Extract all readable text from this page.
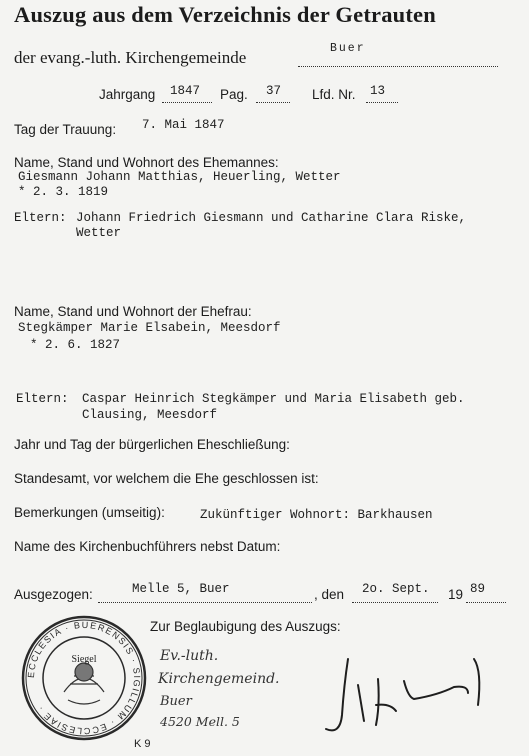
Auszug aus dem Verzeichnis der Getrauten
der evang.-luth. Kirchengemeinde	Buer
Jahrgang 1847 Pag. 37 Lfd. Nr. 13
Tag der Trauung: 7. Mai 1847
Name, Stand und Wohnort des Ehemannes:
Giesmann Johann Matthias, Heuerling, Wetter
* 2. 3. 1819
Eltern: Johann Friedrich Giesmann und Catharine Clara Riske,
Wetter
Name, Stand und Wohnort der Ehefrau:
Stegkämper Marie Elsabein, Meesdorf
* 2. 6. 1827
Eltern: Caspar Heinrich Stegkämper und Maria Elisabeth geb.
Clausing, Meesdorf
Jahr und Tag der bürgerlichen Eheschließung:
Standesamt, vor welchem die Ehe geschlossen ist:
Bemerkungen (umseitig):	Zukünftiger Wohnort: Barkhausen
Name des Kirchenbuchführers nebst Datum:
Ausgezogen:	Melle 5, Buer	, den 2o. Sept. 19 89
Zur Beglaubigung des Auszugs:
ECCLESIA · BUERENSIS · SIGILLUM · ECCLESIAE ·
Siegel	Ev.-luth.
Kirchengemeind.
Buer
4520 Mell. 5
K 9
